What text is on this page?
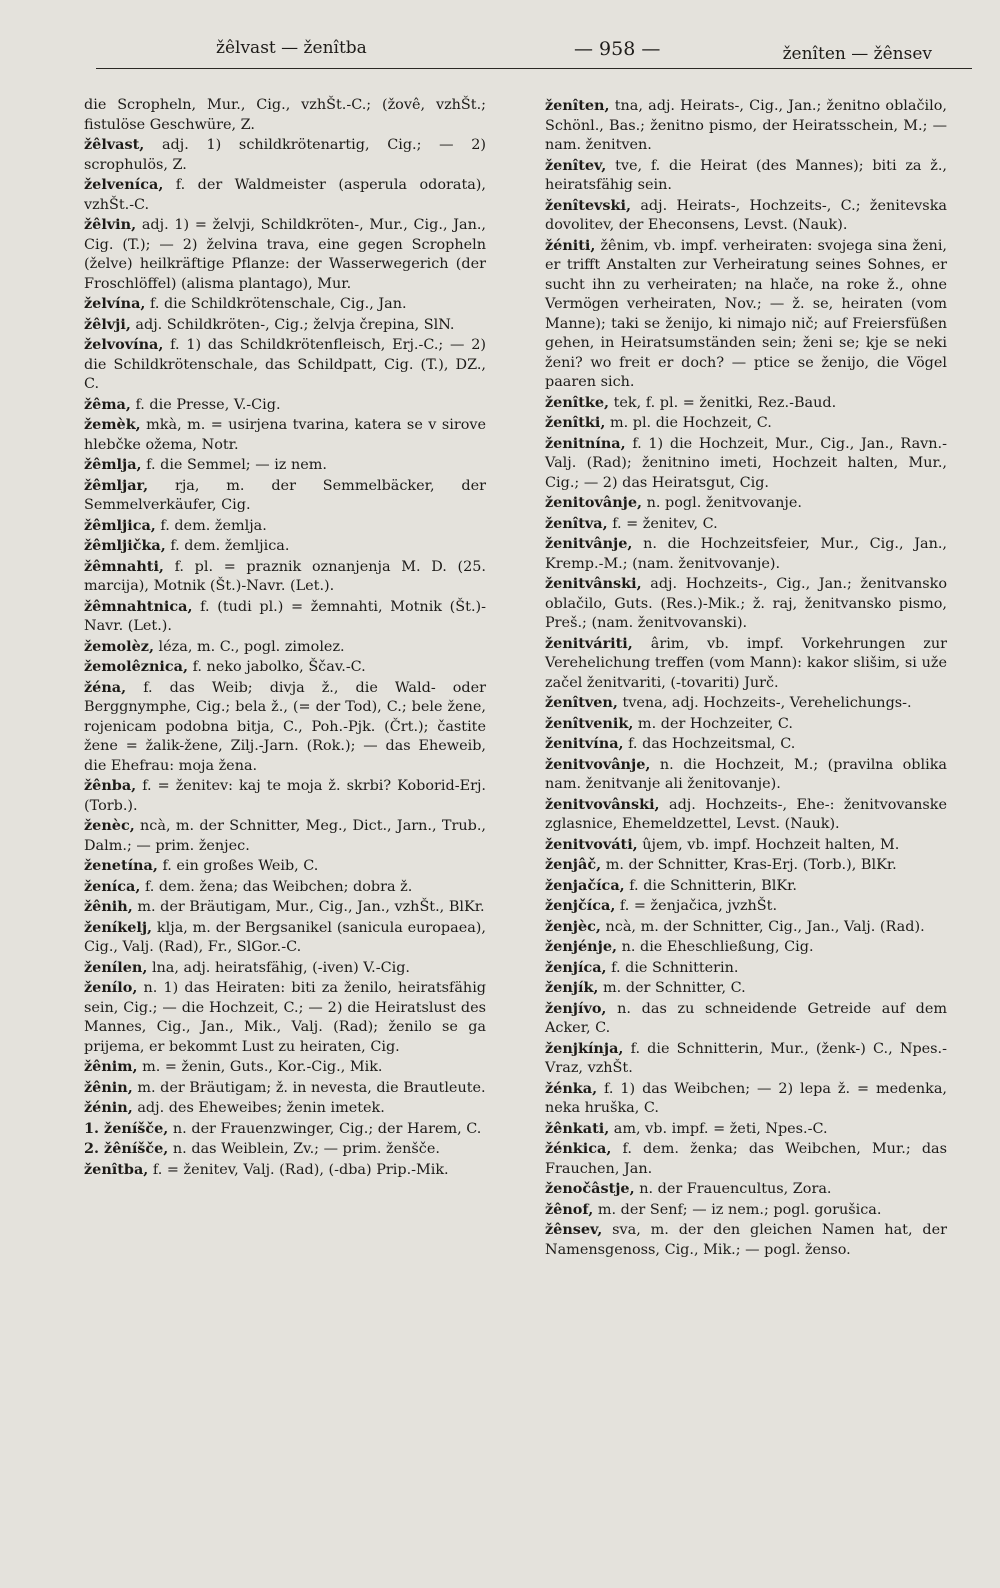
žêlvast — ženîtba	— 958 —	ženîten — žênsev

die Scropheln, Mur., Cig., vzhŠt.-C.; (žovê, vzhŠt.; fistulöse Geschwüre, Z.

žêlvast, adj. 1) schildkrötenartig, Cig.; — 2) scrophulös, Z.

želveníca, f. der Waldmeister (asperula odorata), vzhŠt.-C.

žêlvin, adj. 1) = želvji, Schildkröten-, Mur., Cig., Jan., Cig. (T.); — 2) želvina trava, eine gegen Scropheln (želve) heilkräftige Pflanze: der Wasserwegerich (der Froschlöffel) (alisma plantago), Mur.

želvína, f. die Schildkrötenschale, Cig., Jan.

žêlvji, adj. Schildkröten-, Cig.; želvja črepina, SlN.

želvovína, f. 1) das Schildkrötenfleisch, Erj.-C.; — 2) die Schildkrötenschale, das Schildpatt, Cig. (T.), DZ., C.

žêma, f. die Presse, V.-Cig.

žemèk, mkà, m. = usirjena tvarina, katera se v sirove hlebčke ožema, Notr.

žêmlja, f. die Semmel; — iz nem.

žêmljar, rja, m. der Semmelbäcker, der Semmelverkäufer, Cig.

žêmljica, f. dem. žemlja.

žêmljička, f. dem. žemljica.

žêmnahti, f. pl. = praznik oznanjenja M. D. (25. marcija), Motnik (Št.)-Navr. (Let.).

žêmnahtnica, f. (tudi pl.) = žemnahti, Motnik (Št.)-Navr. (Let.).

žemolèz, léza, m. C., pogl. zimolez.

žemolêznica, f. neko jabolko, Ščav.-C.

žéna, f. das Weib; divja ž., die Wald- oder Berggnymphe, Cig.; bela ž., (= der Tod), C.; bele žene, rojenicam podobna bitja, C., Poh.-Pjk. (Črt.); častite žene = žalik-žene, Zilj.-Jarn. (Rok.); — das Eheweib, die Ehefrau: moja žena.

žênba, f. = ženitev: kaj te moja ž. skrbi? Koborid-Erj. (Torb.).

ženèc, ncà, m. der Schnitter, Meg., Dict., Jarn., Trub., Dalm.; — prim. ženjec.

ženetína, f. ein großes Weib, C.

ženíca, f. dem. žena; das Weibchen; dobra ž.

žênih, m. der Bräutigam, Mur., Cig., Jan., vzhŠt., BlKr.

ženíkelj, klja, m. der Bergsanikel (sanicula europaea), Cig., Valj. (Rad), Fr., SlGor.-C.

ženílen, lna, adj. heiratsfähig, (-iven) V.-Cig.

ženílo, n. 1) das Heiraten: biti za ženilo, heiratsfähig sein, Cig.; — die Hochzeit, C.; — 2) die Heiratslust des Mannes, Cig., Jan., Mik., Valj. (Rad); ženilo se ga prijema, er bekommt Lust zu heiraten, Cig.

žênim, m. = ženin, Guts., Kor.-Cig., Mik.

žênin, m. der Bräutigam; ž. in nevesta, die Brautleute.

žénin, adj. des Eheweibes; ženin imetek.

1. ženíšče, n. der Frauenzwinger, Cig.; der Harem, C.

2. žêníšče, n. das Weiblein, Zv.; — prim. ženšče.

ženîtba, f. = ženitev, Valj. (Rad), (-dba) Prip.-Mik.

ženîten, tna, adj. Heirats-, Cig., Jan.; ženitno oblačilo, Schönl., Bas.; ženitno pismo, der Heiratsschein, M.; — nam. ženitven.

ženîtev, tve, f. die Heirat (des Mannes); biti za ž., heiratsfähig sein.

ženîtevski, adj. Heirats-, Hochzeits-, C.; ženitevska dovolitev, der Eheconsens, Levst. (Nauk).

žéniti, žênim, vb. impf. verheiraten: svojega sina ženi, er trifft Anstalten zur Verheiratung seines Sohnes, er sucht ihn zu verheiraten; na hlače, na roke ž., ohne Vermögen verheiraten, Nov.; — ž. se, heiraten (vom Manne); taki se ženijo, ki nimajo nič; auf Freiersfüßen gehen, in Heiratsumständen sein; ženi se; kje se neki ženi? wo freit er doch? — ptice se ženijo, die Vögel paaren sich.

ženîtke, tek, f. pl. = ženitki, Rez.-Baud.

ženîtki, m. pl. die Hochzeit, C.

ženitnína, f. 1) die Hochzeit, Mur., Cig., Jan., Ravn.-Valj. (Rad); ženitnino imeti, Hochzeit halten, Mur., Cig.; — 2) das Heiratsgut, Cig.

ženitovânje, n. pogl. ženitvovanje.

ženîtva, f. = ženitev, C.

ženitvânje, n. die Hochzeitsfeier, Mur., Cig., Jan., Kremp.-M.; (nam. ženitvovanje).

ženitvânski, adj. Hochzeits-, Cig., Jan.; ženitvansko oblačilo, Guts. (Res.)-Mik.; ž. raj, ženitvansko pismo, Preš.; (nam. ženitvovanski).

ženitváriti, ârim, vb. impf. Vorkehrungen zur Verehelichung treffen (vom Mann): kakor slišim, si uže začel ženitvariti, (-tovariti) Jurč.

ženîtven, tvena, adj. Hochzeits-, Verehelichungs-.

ženîtvenik, m. der Hochzeiter, C.

ženitvína, f. das Hochzeitsmal, C.

ženitvovânje, n. die Hochzeit, M.; (pravilna oblika nam. ženitvanje ali ženitovanje).

ženitvovânski, adj. Hochzeits-, Ehe-: ženitvovanske zglasnice, Ehemeldzettel, Levst. (Nauk).

ženitvováti, ûjem, vb. impf. Hochzeit halten, M.

ženjâč, m. der Schnitter, Kras-Erj. (Torb.), BlKr.

ženjačíca, f. die Schnitterin, BlKr.

ženjčíca, f. = ženjačica, jvzhŠt.

ženjèc, ncà, m. der Schnitter, Cig., Jan., Valj. (Rad).

ženjénje, n. die Eheschließung, Cig.

ženjíca, f. die Schnitterin.

ženjík, m. der Schnitter, C.

ženjívo, n. das zu schneidende Getreide auf dem Acker, C.

ženjkínja, f. die Schnitterin, Mur., (ženk-) C., Npes.-Vraz, vzhŠt.

žénka, f. 1) das Weibchen; — 2) lepa ž. = medenka, neka hruška, C.

žênkati, am, vb. impf. = žeti, Npes.-C.

žénkica, f. dem. ženka; das Weibchen, Mur.; das Frauchen, Jan.

ženočâstje, n. der Frauencultus, Zora.

žênof, m. der Senf; — iz nem.; pogl. gorušica.

žênsev, sva, m. der den gleichen Namen hat, der Namensgenoss, Cig., Mik.; — pogl. ženso.
